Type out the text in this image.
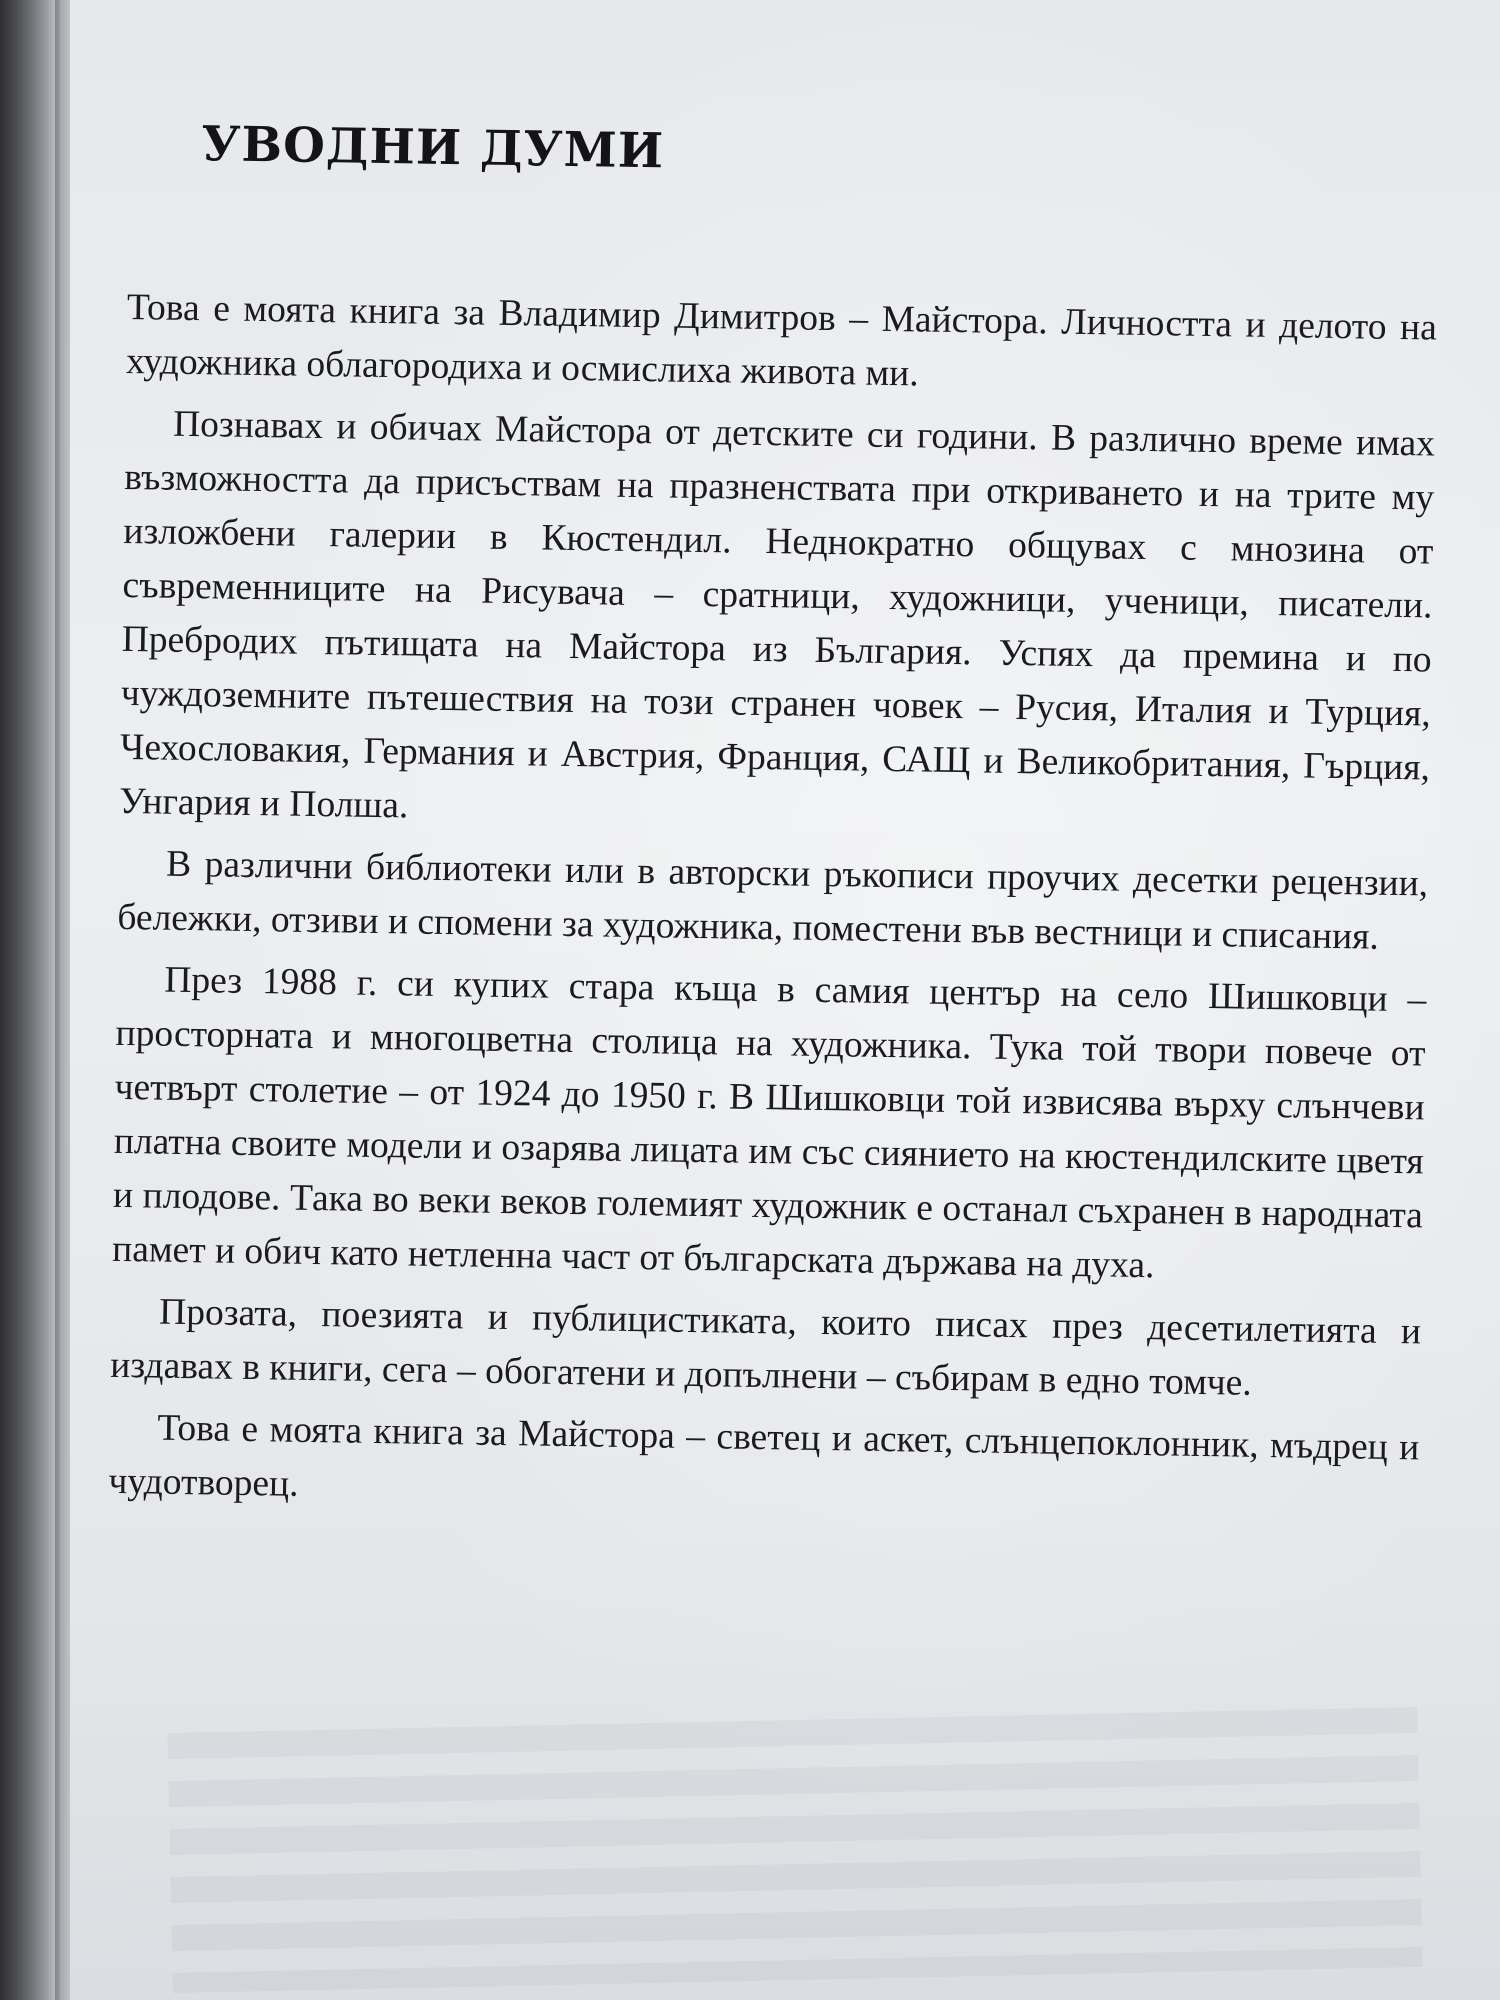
УВОДНИ ДУМИ

Това е моята книга за Владимир Димитров – Майстора. Личността и делото на художника облагородиха и осмислиха живота ми.

Познавах и обичах Майстора от детските си години. В различно време имах възможността да присъствам на празненствата при откриването и на трите му изложбени галерии в Кюстендил. Неднократно общувах с мнозина от съвременниците на Рисувача – сратници, художници, ученици, писатели. Пребродих пътищата на Майстора из България. Успях да премина и по чуждоземните пътешествия на този странен човек – Русия, Италия и Турция, Чехословакия, Германия и Австрия, Франция, САЩ и Великобритания, Гърция, Унгария и Полша.

В различни библиотеки или в авторски ръкописи проучих десетки рецензии, бележки, отзиви и спомени за художника, поместени във вестници и списания.

През 1988 г. си купих стара къща в самия център на село Шишковци – просторната и многоцветна столица на художника. Тука той твори повече от четвърт столетие – от 1924 до 1950 г. В Шишковци той извисява върху слънчеви платна своите модели и озарява лицата им със сиянието на кюстендилските цветя и плодове. Така во веки веков големият художник е останал съхранен в народната памет и обич като нетленна част от българската държава на духа.

Прозата, поезията и публицистиката, които писах през десетилетията и издавах в книги, сега – обогатени и допълнени – събирам в едно томче.

Това е моята книга за Майстора – светец и аскет, слънцепоклонник, мъдрец и чудотворец.
